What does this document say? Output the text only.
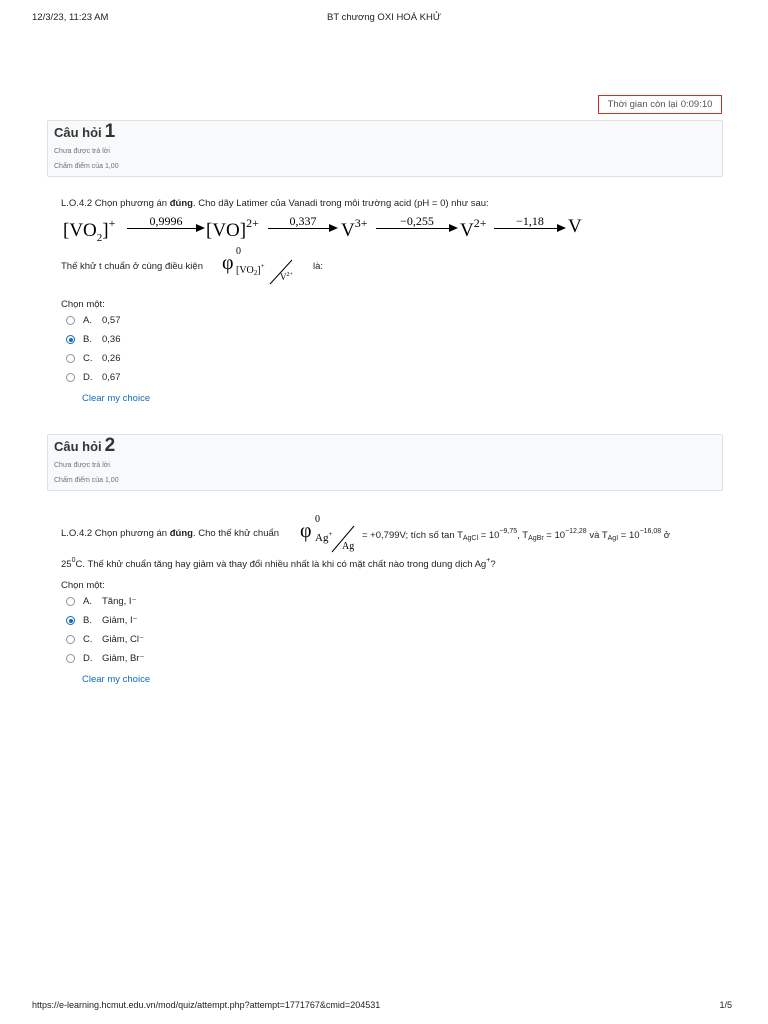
12/3/23, 11:23 AM	BT chương OXI HOÁ KHỬ
Thời gian còn lại 0:09:10
Câu hỏi 1
Chưa được trả lời
Chấm điểm của 1,00
L.O.4.2 Chọn phương án đúng. Cho dãy Latimer của Vanadi trong môi trường acid (pH = 0) như sau:
$[VO_2]^+$	0,9996	[VO]$^{2+}$	0,337	$V^{3+}$	−0,255	$V^{2+}$	−1,18	V
Thế khử t chuẩn ở cùng điều kiện φ
0
$[VO_2]^+$
$V^{2+}$
là:
Chọn một:
A. 0,57
B. 0,36
C. 0,26
D. 0,67
Clear my choice
Câu hỏi 2
Chưa được trả lời
Chấm điểm của 1,00
L.O.4.2 Chọn phương án đúng. Cho thế khử chuẩn φ
0
Ag+
Ag
= +0,799V; tích số $\tan T_{AgCl} = 10^{-9,75}$, $T_{AgBr} = 10^{-12,28}$ và $T_{AgI} = 10^{-16,08}$ ở
$25^0C$. Thế khử chuẩn tăng hay giảm và thay đổi nhiều nhất là khi có mặt chất nào trong dung dịch Ag+?
Chọn một:
A. Tăng, I⁻
B. Giảm, I⁻
C. Giảm, Cl⁻
D. Giảm, Br⁻
Clear my choice
https://e-learning.hcmut.edu.vn/mod/quiz/attempt.php?attempt=1771767&cmid=204531	1/5
